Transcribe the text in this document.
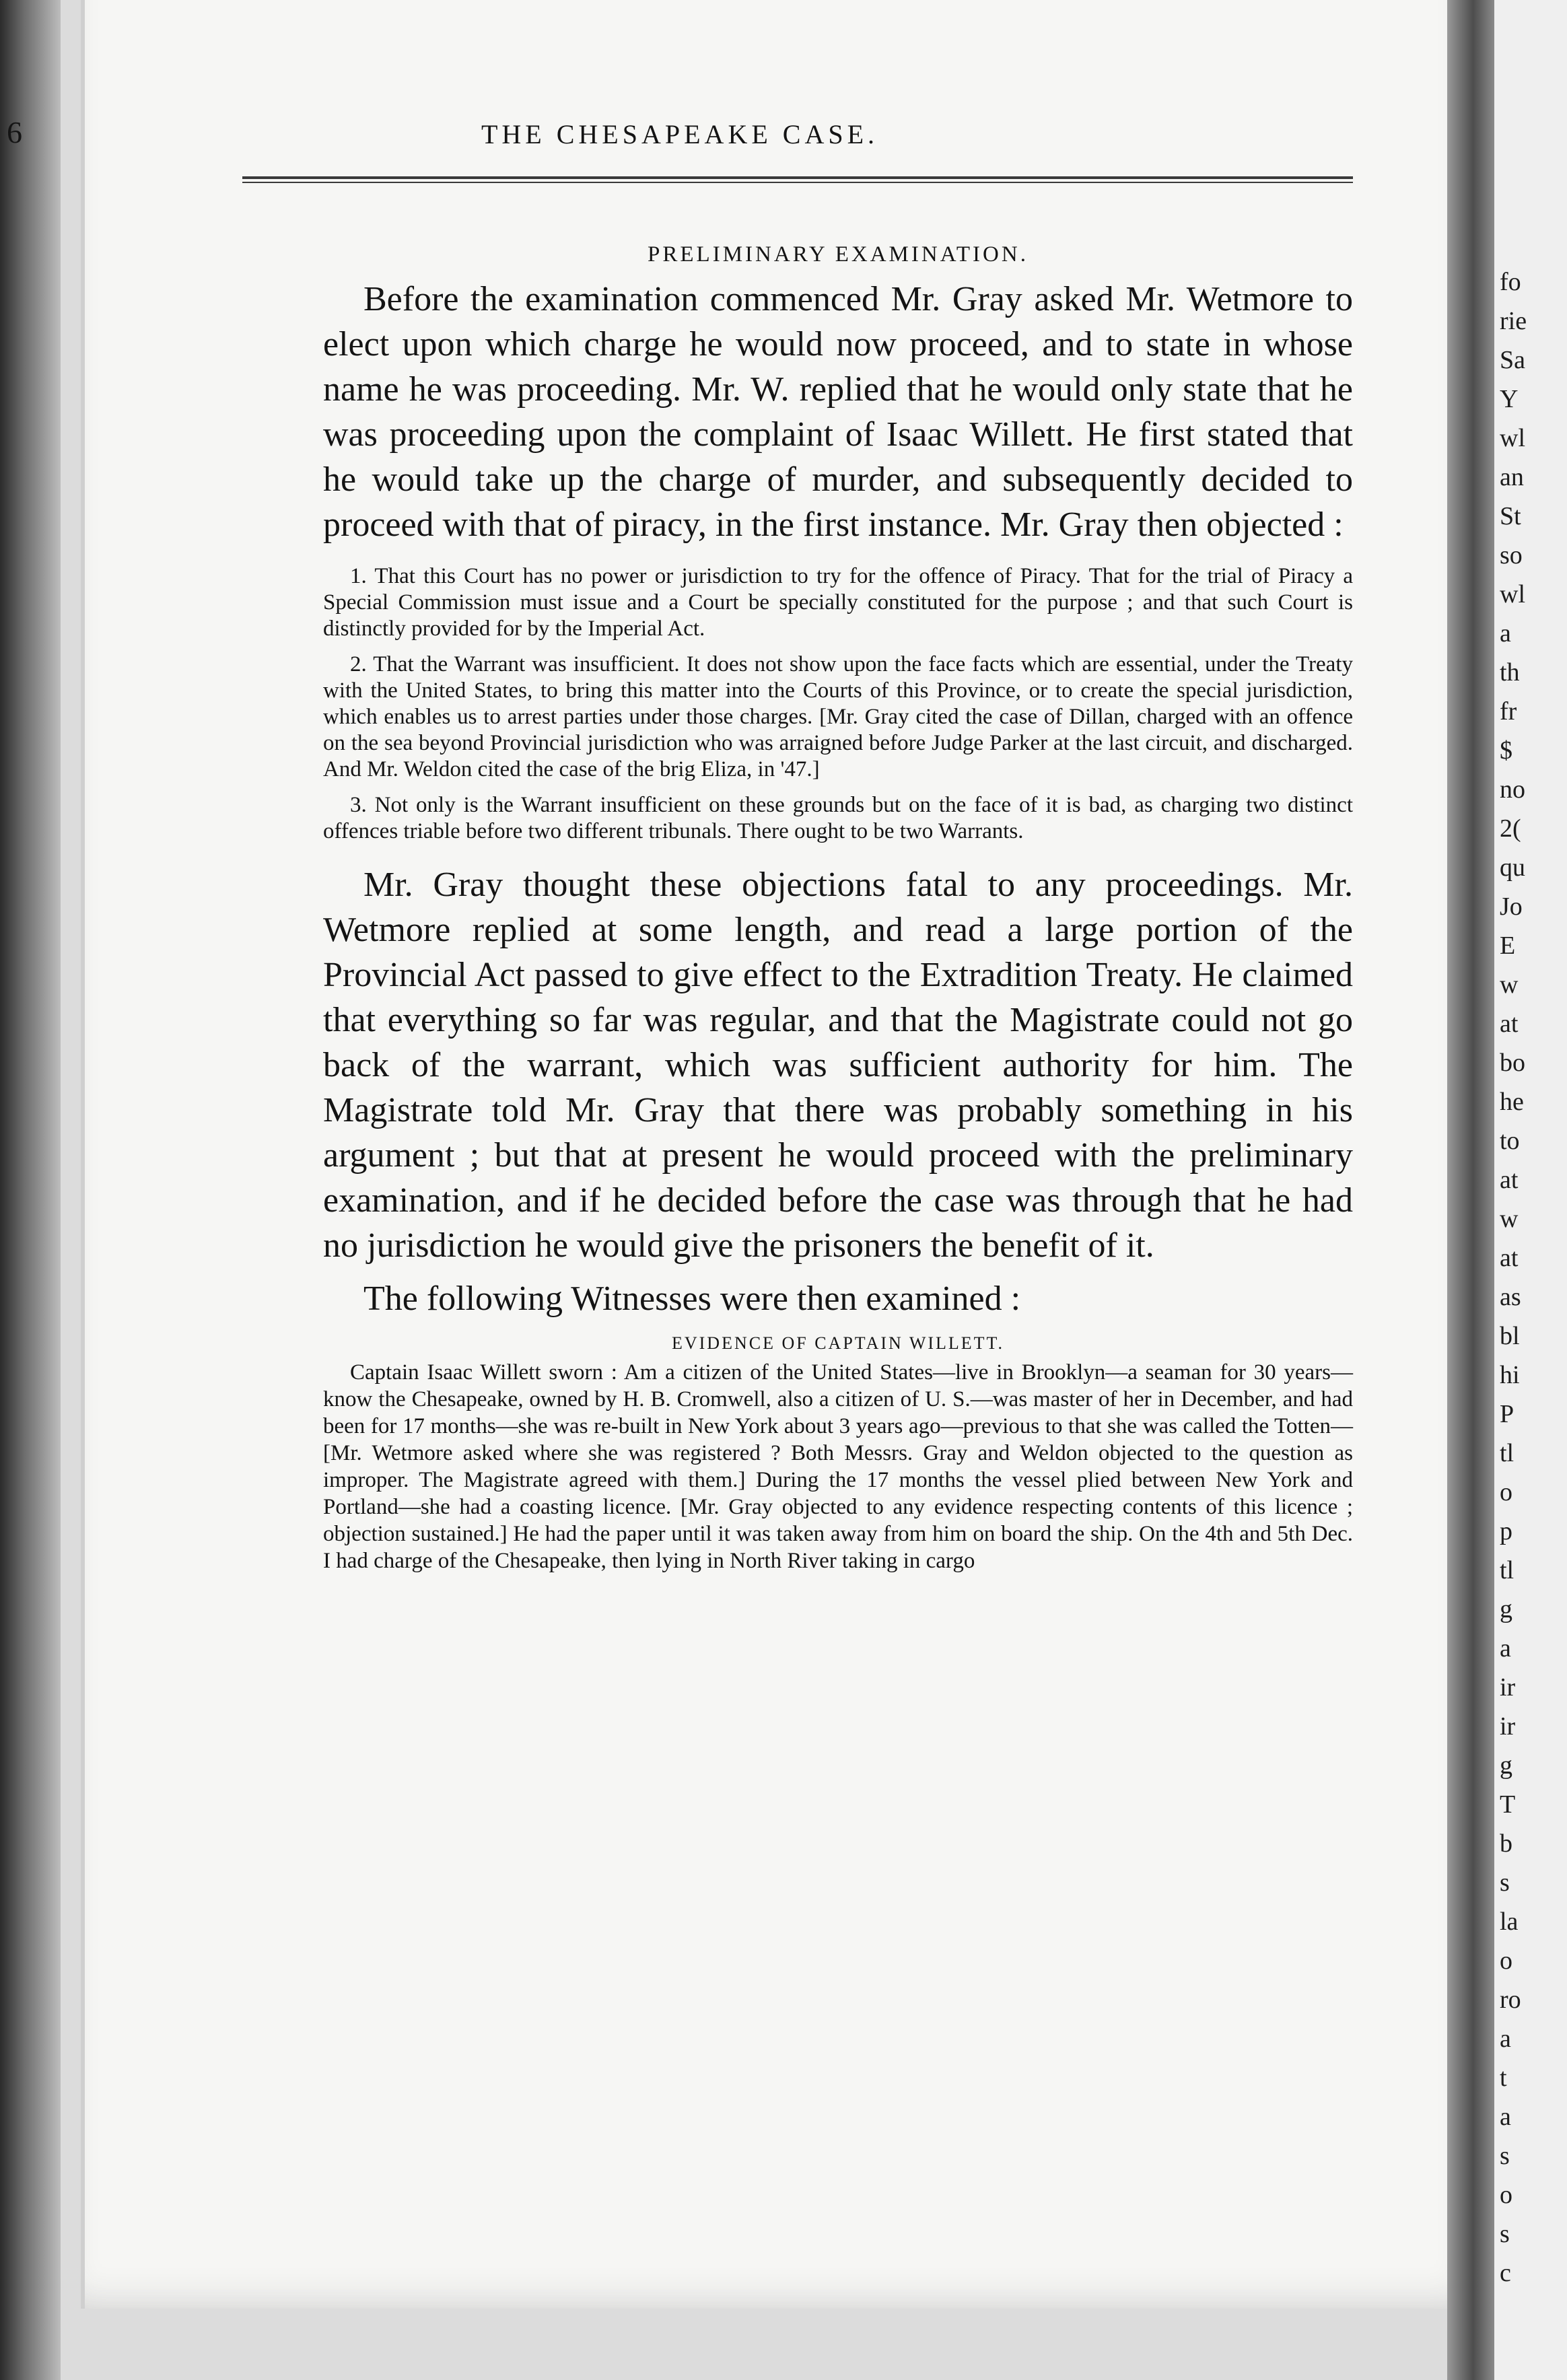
6	THE CHESAPEAKE CASE.
PRELIMINARY EXAMINATION.

Before the examination commenced Mr. Gray asked Mr. Wetmore to elect upon which charge he would now proceed, and to state in whose name he was proceeding. Mr. W. replied that he would only state that he was proceeding upon the complaint of Isaac Willett. He first stated that he would take up the charge of murder, and subsequently decided to proceed with that of piracy, in the first instance. Mr. Gray then objected :

1. That this Court has no power or jurisdiction to try for the offence of Piracy. That for the trial of Piracy a Special Commission must issue and a Court be specially constituted for the purpose ; and that such Court is distinctly provided for by the Imperial Act.

2. That the Warrant was insufficient. It does not show upon the face facts which are essential, under the Treaty with the United States, to bring this matter into the Courts of this Province, or to create the special jurisdiction, which enables us to arrest parties under those charges. [Mr. Gray cited the case of Dillan, charged with an offence on the sea beyond Provincial jurisdiction who was arraigned before Judge Parker at the last circuit, and discharged. And Mr. Weldon cited the case of the brig Eliza, in '47.]

3. Not only is the Warrant insufficient on these grounds but on the face of it is bad, as charging two distinct offences triable before two different tribunals. There ought to be two Warrants.

Mr. Gray thought these objections fatal to any proceedings. Mr. Wetmore replied at some length, and read a large portion of the Provincial Act passed to give effect to the Extradition Treaty. He claimed that everything so far was regular, and that the Magistrate could not go back of the warrant, which was sufficient authority for him. The Magistrate told Mr. Gray that there was probably something in his argument ; but that at present he would proceed with the preliminary examination, and if he decided before the case was through that he had no jurisdiction he would give the prisoners the benefit of it.

The following Witnesses were then examined :

EVIDENCE OF CAPTAIN WILLETT.

Captain Isaac Willett sworn : Am a citizen of the United States—live in Brooklyn—a seaman for 30 years—know the Chesapeake, owned by H. B. Cromwell, also a citizen of U. S.—was master of her in December, and had been for 17 months—she was re-built in New York about 3 years ago—previous to that she was called the Totten—[Mr. Wetmore asked where she was registered ? Both Messrs. Gray and Weldon objected to the question as improper. The Magistrate agreed with them.] During the 17 months the vessel plied between New York and Portland—she had a coasting licence. [Mr. Gray objected to any evidence respecting contents of this licence ; objection sustained.] He had the paper until it was taken away from him on board the ship. On the 4th and 5th Dec. I had charge of the Chesapeake, then lying in North River taking in cargo

fo
rie
Sa
Y
wl
an
St
so
wl
a
th
fr
$
no
2(
qu
Jo
E
w
at
bo
he
to
at
w
at
as
bl
hi
P
tl
o
p
tl
g
a
ir
ir
g
T
b
s
la
o
ro
a
t
a
s
o
s
c
